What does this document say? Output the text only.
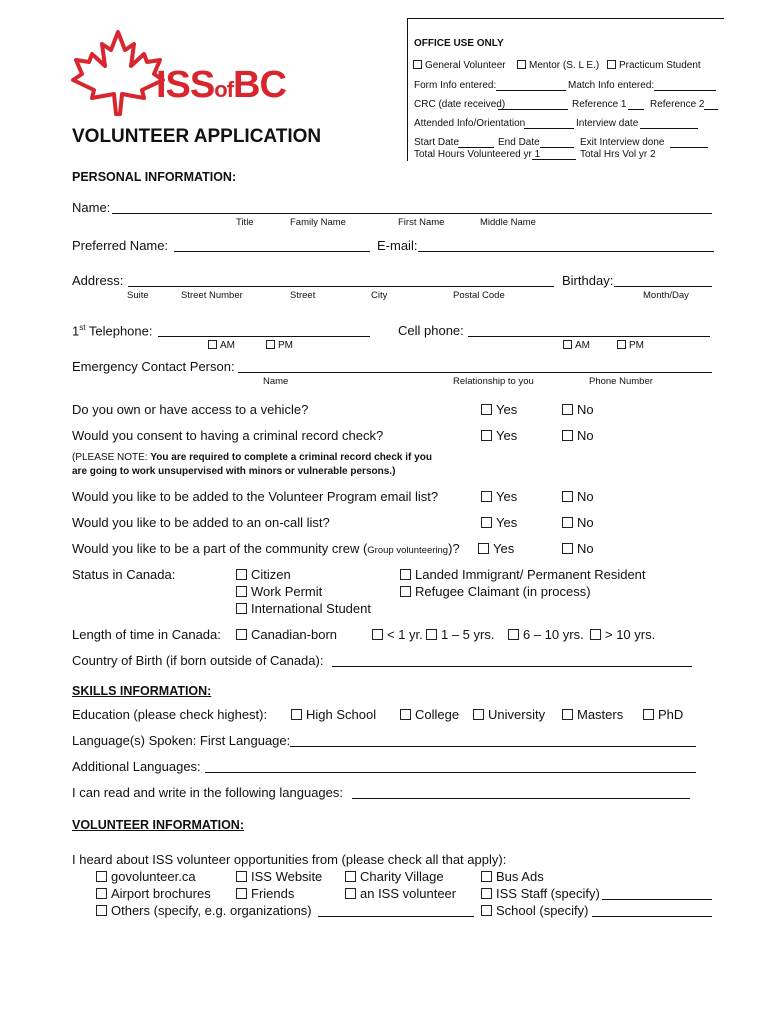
ISSofBC
VOLUNTEER APPLICATION
OFFICE USE ONLY
General Volunteer	Mentor (S. L E.)	Practicum Student
Form Info entered:	Match Info entered:
CRC (date received)	Reference 1 Reference 2
Attended Info/Orientation	Interview date
Start Date	End Date	Exit Interview done
Total Hours Volunteered yr 1	Total Hrs Vol yr 2
PERSONAL INFORMATION:
Name:
Title	Family Name	First Name	Middle Name
Preferred Name:	E-mail:
Address:	Birthday:
Suite	Street Number	Street	City	Postal Code	Month/Day
1st Telephone:	Cell phone:
AM	PM	AM	PM
Emergency Contact Person:
Name	Relationship to you	Phone Number
Do you own or have access to a vehicle?	Yes	No
Would you consent to having a criminal record check?	Yes	No
(PLEASE NOTE: You are required to complete a criminal record check if you
are going to work unsupervised with minors or vulnerable persons.)
Would you like to be added to the Volunteer Program email list?	Yes	No
Would you like to be added to an on-call list?	Yes	No
Would you like to be a part of the community crew (Group volunteering)?	Yes	No
Status in Canada:	Citizen	Landed Immigrant/ Permanent Resident
Work Permit	Refugee Claimant (in process)
International Student
Length of time in Canada:	Canadian-born	< 1 yr.	1 – 5 yrs.	6 – 10 yrs.	> 10 yrs.
Country of Birth (if born outside of Canada):
SKILLS INFORMATION:
Education (please check highest):	High School	College	University	Masters	PhD
Language(s) Spoken: First Language:
Additional Languages:
I can read and write in the following languages:
VOLUNTEER INFORMATION:
I heard about ISS volunteer opportunities from (please check all that apply):
govolunteer.ca	ISS Website	Charity Village	Bus Ads
Airport brochures	Friends	an ISS volunteer	ISS Staff (specify)
Others (specify, e.g. organizations)	School (specify)
